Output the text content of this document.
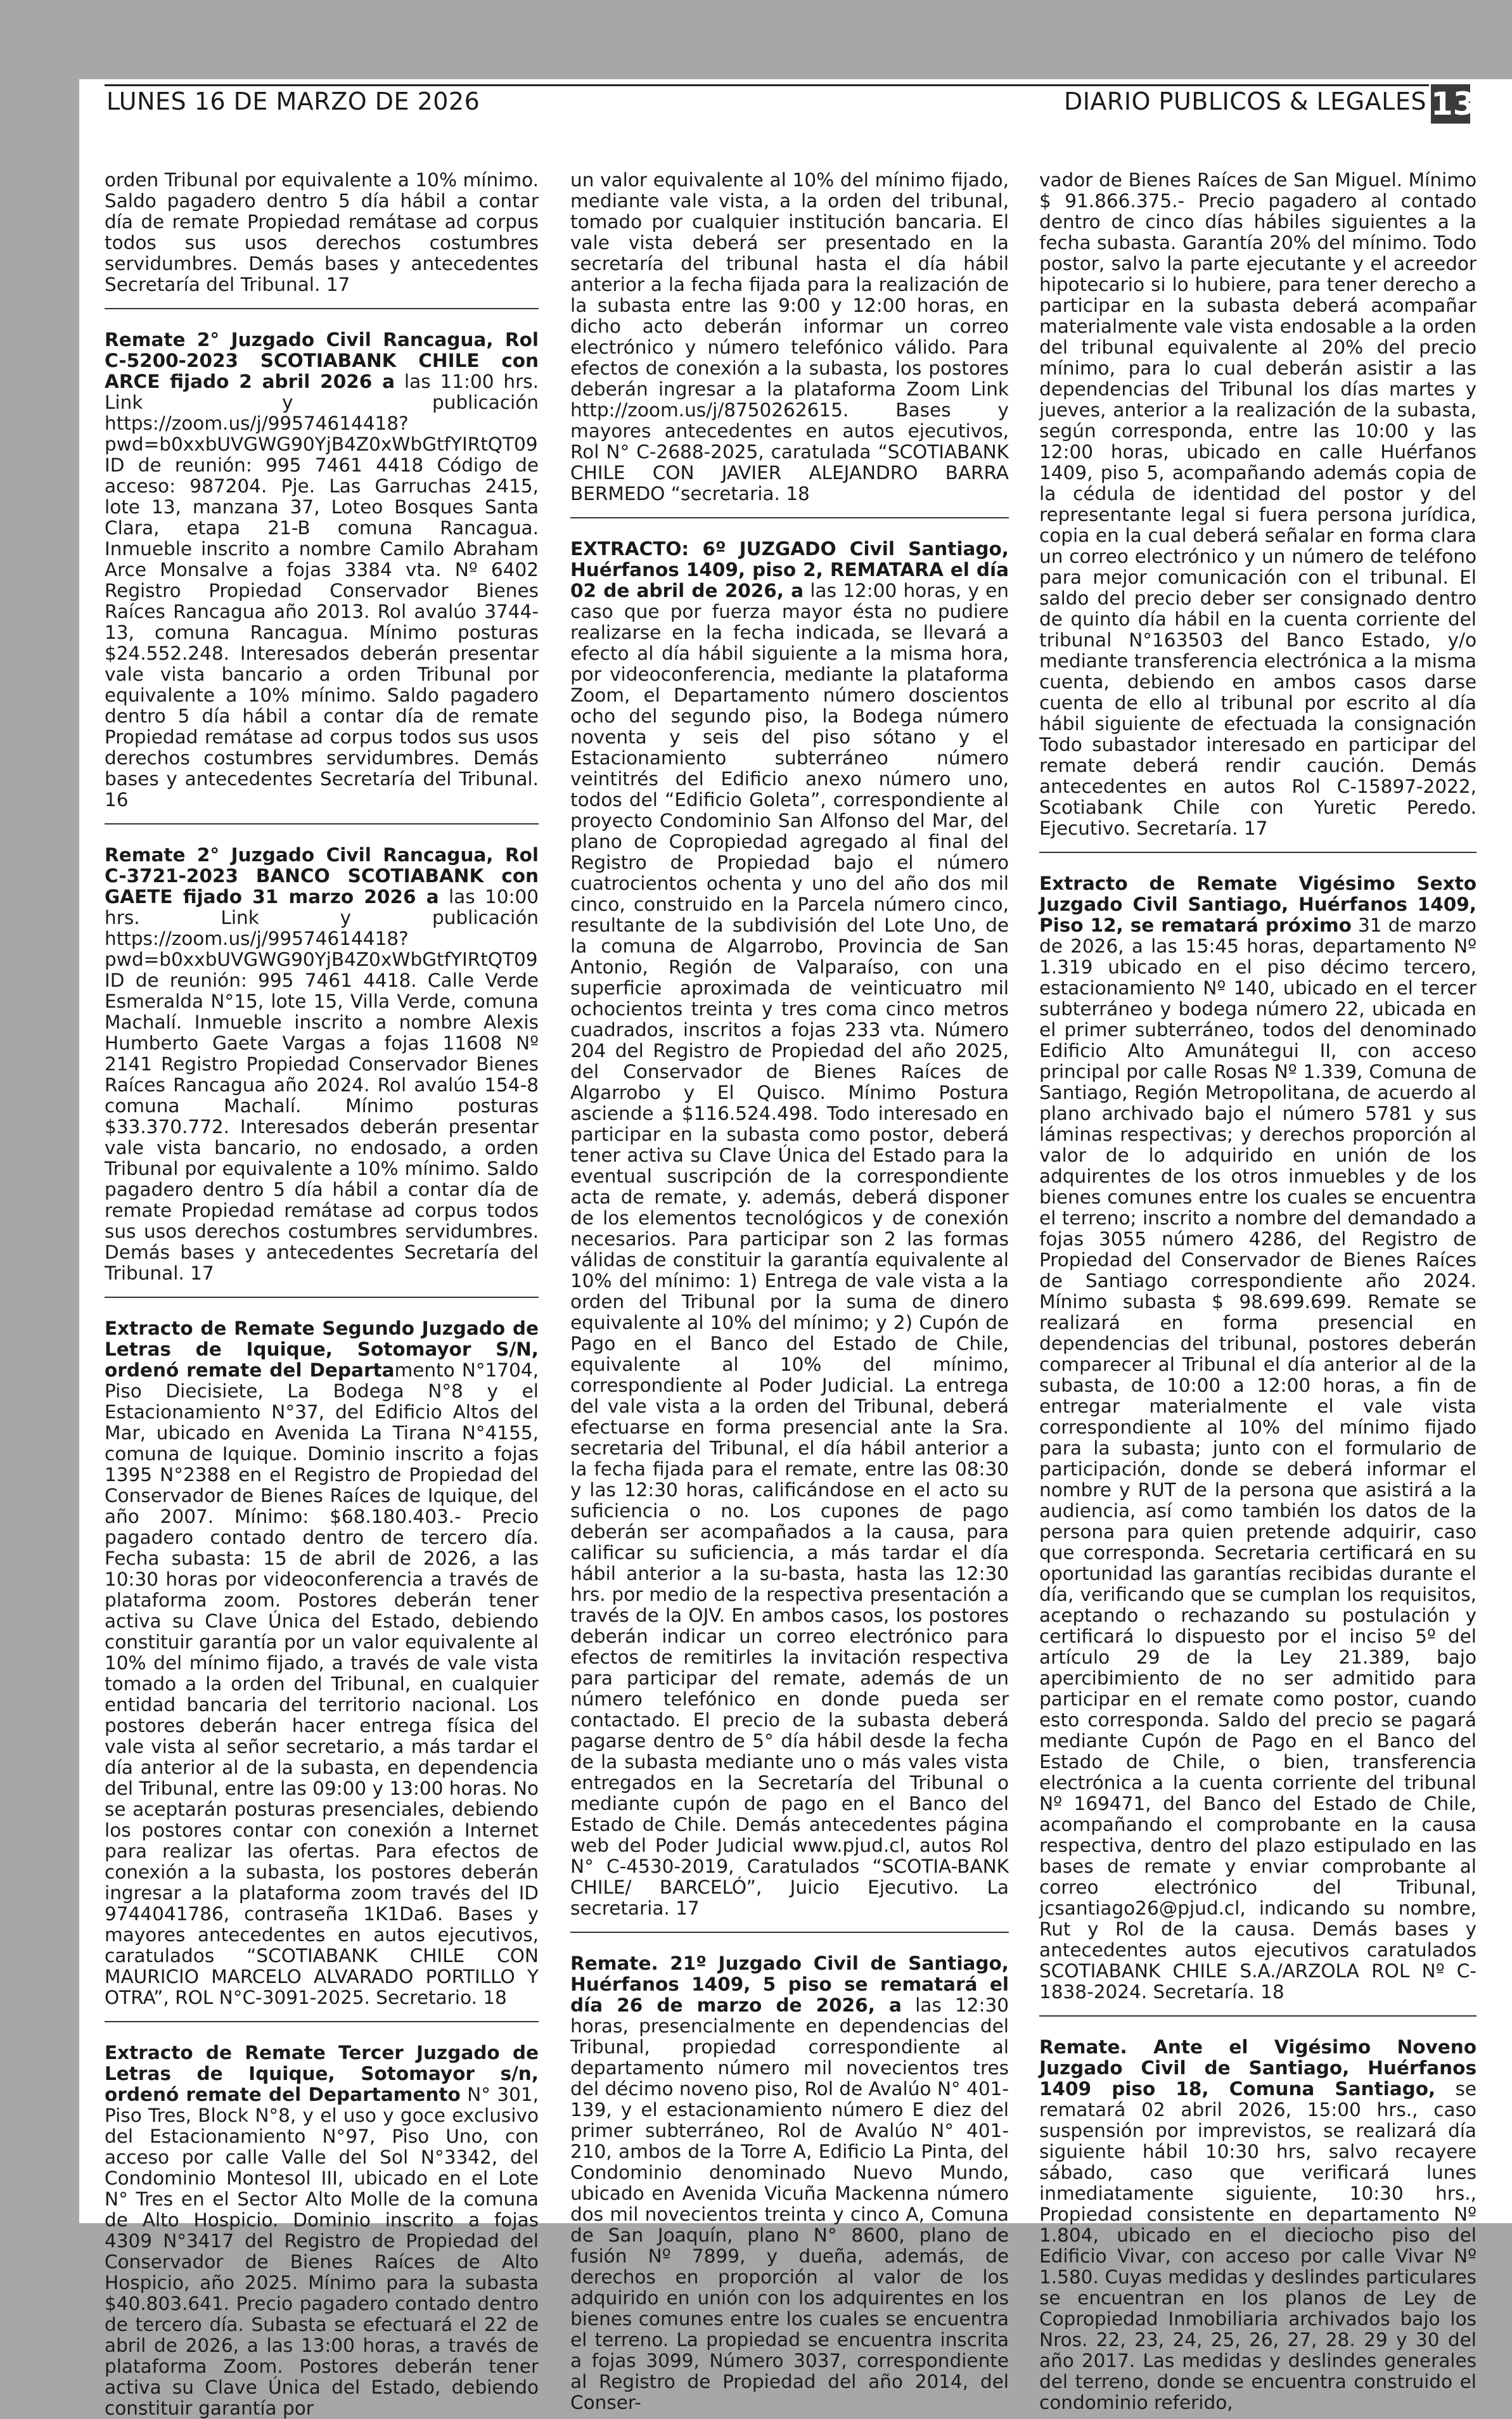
LUNES 16 DE MARZO DE 2026	DIARIO PUBLICOS & LEGALES 13

orden Tribunal por equivalente a 10% mínimo. Saldo pagadero dentro 5 día hábil a contar día de remate Propiedad remátase ad corpus todos sus usos derechos costumbres servidumbres. Demás bases y antecedentes Secretaría del Tribunal. 17

Remate 2° Juzgado Civil Rancagua, Rol C-5200-2023 SCOTIABANK CHILE con ARCE fijado 2 abril 2026 a las 11:00 hrs. Link y publicación https://zoom.us/j/99574614418?pwd=b0xxbUVGWG90YjB4Z0xWbGtfYIRtQT09 ID de reunión: 995 7461 4418 Código de acceso: 987204. Pje. Las Garruchas 2415, lote 13, manzana 37, Loteo Bosques Santa Clara, etapa 21-B comuna Rancagua. Inmueble inscrito a nombre Camilo Abraham Arce Monsalve a fojas 3384 vta. Nº 6402 Registro Propiedad Conservador Bienes Raíces Rancagua año 2013. Rol avalúo 3744-13, comuna Rancagua. Mínimo posturas $24.552.248. Interesados deberán presentar vale vista bancario a orden Tribunal por equivalente a 10% mínimo. Saldo pagadero dentro 5 día hábil a contar día de remate Propiedad remátase ad corpus todos sus usos derechos costumbres servidumbres. Demás bases y antecedentes Secretaría del Tribunal. 16

Remate 2° Juzgado Civil Rancagua, Rol C-3721-2023 BANCO SCOTIABANK con GAETE fijado 31 marzo 2026 a las 10:00 hrs. Link y publicación https://zoom.us/j/99574614418?pwd=b0xxbUVGWG90YjB4Z0xWbGtfYIRtQT09 ID de reunión: 995 7461 4418. Calle Verde Esmeralda N°15, lote 15, Villa Verde, comuna Machalí. Inmueble inscrito a nombre Alexis Humberto Gaete Vargas a fojas 11608 Nº 2141 Registro Propiedad Conservador Bienes Raíces Rancagua año 2024. Rol avalúo 154-8 comuna Machalí. Mínimo posturas $33.370.772. Interesados deberán presentar vale vista bancario, no endosado, a orden Tribunal por equivalente a 10% mínimo. Saldo pagadero dentro 5 día hábil a contar día de remate Propiedad remátase ad corpus todos sus usos derechos costumbres servidumbres. Demás bases y antecedentes Secretaría del Tribunal. 17

Extracto de Remate Segundo Juzgado de Letras de Iquique, Sotomayor S/N, ordenó remate del Departamento N°1704, Piso Diecisiete, La Bodega N°8 y el Estacionamiento N°37, del Edificio Altos del Mar, ubicado en Avenida La Tirana N°4155, comuna de Iquique. Dominio inscrito a fojas 1395 N°2388 en el Registro de Propiedad del Conservador de Bienes Raíces de Iquique, del año 2007. Mínimo: $68.180.403.- Precio pagadero contado dentro de tercero día. Fecha subasta: 15 de abril de 2026, a las 10:30 horas por videoconferencia a través de plataforma zoom. Postores deberán tener activa su Clave Única del Estado, debiendo constituir garantía por un valor equivalente al 10% del mínimo fijado, a través de vale vista tomado a la orden del Tribunal, en cualquier entidad bancaria del territorio nacional. Los postores deberán hacer entrega física del vale vista al señor secretario, a más tardar el día anterior al de la subasta, en dependencia del Tribunal, entre las 09:00 y 13:00 horas. No se aceptarán posturas presenciales, debiendo los postores contar con conexión a Internet para realizar las ofertas. Para efectos de conexión a la subasta, los postores deberán ingresar a la plataforma zoom través del ID 9744041786, contraseña 1K1Da6. Bases y mayores antecedentes en autos ejecutivos, caratulados “SCOTIABANK CHILE CON MAURICIO MARCELO ALVARADO PORTILLO Y OTRA”, ROL N°C-3091-2025. Secretario. 18

Extracto de Remate Tercer Juzgado de Letras de Iquique, Sotomayor s/n, ordenó remate del Departamento N° 301, Piso Tres, Block N°8, y el uso y goce exclusivo del Estacionamiento N°97, Piso Uno, con acceso por calle Valle del Sol N°3342, del Condominio Montesol III, ubicado en el Lote N° Tres en el Sector Alto Molle de la comuna de Alto Hospicio. Dominio inscrito a fojas 4309 N°3417 del Registro de Propiedad del Conservador de Bienes Raíces de Alto Hospicio, año 2025. Mínimo para la subasta $40.803.641. Precio pagadero contado dentro de tercero día. Subasta se efectuará el 22 de abril de 2026, a las 13:00 horas, a través de plataforma Zoom. Postores deberán tener activa su Clave Única del Estado, debiendo constituir garantía por

un valor equivalente al 10% del mínimo fijado, mediante vale vista, a la orden del tribunal, tomado por cualquier institución bancaria. El vale vista deberá ser presentado en la secretaría del tribunal hasta el día hábil anterior a la fecha fijada para la realización de la subasta entre las 9:00 y 12:00 horas, en dicho acto deberán informar un correo electrónico y número telefónico válido. Para efectos de conexión a la subasta, los postores deberán ingresar a la plataforma Zoom Link http://zoom.us/j/8750262615. Bases y mayores antecedentes en autos ejecutivos, Rol N° C-2688-2025, caratulada “SCOTIABANK CHILE CON JAVIER ALEJANDRO BARRA BERMEDO “secretaria. 18

EXTRACTO: 6º JUZGADO Civil Santiago, Huérfanos 1409, piso 2, REMATARA el día 02 de abril de 2026, a las 12:00 horas, y en caso que por fuerza mayor ésta no pudiere realizarse en la fecha indicada, se llevará a efecto al día hábil siguiente a la misma hora, por videoconferencia, mediante la plataforma Zoom, el Departamento número doscientos ocho del segundo piso, la Bodega número noventa y seis del piso sótano y el Estacionamiento subterráneo número veintitrés del Edificio anexo número uno, todos del “Edificio Goleta”, correspondiente al proyecto Condominio San Alfonso del Mar, del plano de Copropiedad agregado al final del Registro de Propiedad bajo el número cuatrocientos ochenta y uno del año dos mil cinco, construido en la Parcela número cinco, resultante de la subdivisión del Lote Uno, de la comuna de Algarrobo, Provincia de San Antonio, Región de Valparaíso, con una superficie aproximada de veinticuatro mil ochocientos treinta y tres coma cinco metros cuadrados, inscritos a fojas 233 vta. Número 204 del Registro de Propiedad del año 2025, del Conservador de Bienes Raíces de Algarrobo y El Quisco. Mínimo Postura asciende a $116.524.498. Todo interesado en participar en la subasta como postor, deberá tener activa su Clave Única del Estado para la eventual suscripción de la correspondiente acta de remate, y. además, deberá disponer de los elementos tecnológicos y de conexión necesarios. Para participar son 2 las formas válidas de constituir la garantía equivalente al 10% del mínimo: 1) Entrega de vale vista a la orden del Tribunal por la suma de dinero equivalente al 10% del mínimo; y 2) Cupón de Pago en el Banco del Estado de Chile, equivalente al 10% del mínimo, correspondiente al Poder Judicial. La entrega del vale vista a la orden del Tribunal, deberá efectuarse en forma presencial ante la Sra. secretaria del Tribunal, el día hábil anterior a la fecha fijada para el remate, entre las 08:30 y las 12:30 horas, calificándose en el acto su suficiencia o no. Los cupones de pago deberán ser acompañados a la causa, para calificar su suficiencia, a más tardar el día hábil anterior a la su-basta, hasta las 12:30 hrs. por medio de la respectiva presentación a través de la OJV. En ambos casos, los postores deberán indicar un correo electrónico para efectos de remitirles la invitación respectiva para participar del remate, además de un número telefónico en donde pueda ser contactado. El precio de la subasta deberá pagarse dentro de 5° día hábil desde la fecha de la subasta mediante uno o más vales vista entregados en la Secretaría del Tribunal o mediante cupón de pago en el Banco del Estado de Chile. Demás antecedentes página web del Poder Judicial www.pjud.cl, autos Rol N° C-4530-2019, Caratulados “SCOTIA-BANK CHILE/ BARCELÓ”, Juicio Ejecutivo. La secretaria. 17

Remate. 21º Juzgado Civil de Santiago, Huérfanos 1409, 5 piso se rematará el día 26 de marzo de 2026, a las 12:30 horas, presencialmente en dependencias del Tribunal, propiedad correspondiente al departamento número mil novecientos tres del décimo noveno piso, Rol de Avalúo N° 401-139, y el estacionamiento número E diez del primer subterráneo, Rol de Avalúo N° 401-210, ambos de la Torre A, Edificio La Pinta, del Condominio denominado Nuevo Mundo, ubicado en Avenida Vicuña Mackenna número dos mil novecientos treinta y cinco A, Comuna de San Joaquín, plano N° 8600, plano de fusión Nº 7899, y dueña, además, de derechos en proporción al valor de los adquirido en unión con los adquirentes en los bienes comunes entre los cuales se encuentra el terreno. La propiedad se encuentra inscrita a fojas 3099, Número 3037, correspondiente al Registro de Propiedad del año 2014, del Conser-

vador de Bienes Raíces de San Miguel. Mínimo $ 91.866.375.- Precio pagadero al contado dentro de cinco días hábiles siguientes a la fecha subasta. Garantía 20% del mínimo. Todo postor, salvo la parte ejecutante y el acreedor hipotecario si lo hubiere, para tener derecho a participar en la subasta deberá acompañar materialmente vale vista endosable a la orden del tribunal equivalente al 20% del precio mínimo, para lo cual deberán asistir a las dependencias del Tribunal los días martes y jueves, anterior a la realización de la subasta, según corresponda, entre las 10:00 y las 12:00 horas, ubicado en calle Huérfanos 1409, piso 5, acompañando además copia de la cédula de identidad del postor y del representante legal si fuera persona jurídica, copia en la cual deberá señalar en forma clara un correo electrónico y un número de teléfono para mejor comunicación con el tribunal. El saldo del precio deber ser consignado dentro de quinto día hábil en la cuenta corriente del tribunal N°163503 del Banco Estado, y/o mediante transferencia electrónica a la misma cuenta, debiendo en ambos casos darse cuenta de ello al tribunal por escrito al día hábil siguiente de efectuada la consignación Todo subastador interesado en participar del remate deberá rendir caución. Demás antecedentes en autos Rol C-15897-2022, Scotiabank Chile con Yuretic Peredo. Ejecutivo. Secretaría. 17

Extracto de Remate Vigésimo Sexto Juzgado Civil Santiago, Huérfanos 1409, Piso 12, se rematará próximo 31 de marzo de 2026, a las 15:45 horas, departamento Nº 1.319 ubicado en el piso décimo tercero, estacionamiento Nº 140, ubicado en el tercer subterráneo y bodega número 22, ubicada en el primer subterráneo, todos del denominado Edificio Alto Amunátegui II, con acceso principal por calle Rosas Nº 1.339, Comuna de Santiago, Región Metropolitana, de acuerdo al plano archivado bajo el número 5781 y sus láminas respectivas; y derechos proporción al valor de lo adquirido en unión de los adquirentes de los otros inmuebles y de los bienes comunes entre los cuales se encuentra el terreno; inscrito a nombre del demandado a fojas 3055 número 4286, del Registro de Propiedad del Conservador de Bienes Raíces de Santiago correspondiente año 2024. Mínimo subasta $ 98.699.699. Remate se realizará en forma presencial en dependencias del tribunal, postores deberán comparecer al Tribunal el día anterior al de la subasta, de 10:00 a 12:00 horas, a fin de entregar materialmente el vale vista correspondiente al 10% del mínimo fijado para la subasta; junto con el formulario de participación, donde se deberá informar el nombre y RUT de la persona que asistirá a la audiencia, así como también los datos de la persona para quien pretende adquirir, caso que corresponda. Secretaria certificará en su oportunidad las garantías recibidas durante el día, verificando que se cumplan los requisitos, aceptando o rechazando su postulación y certificará lo dispuesto por el inciso 5º del artículo 29 de la Ley 21.389, bajo apercibimiento de no ser admitido para participar en el remate como postor, cuando esto corresponda. Saldo del precio se pagará mediante Cupón de Pago en el Banco del Estado de Chile, o bien, transferencia electrónica a la cuenta corriente del tribunal Nº 169471, del Banco del Estado de Chile, acompañando el comprobante en la causa respectiva, dentro del plazo estipulado en las bases de remate y enviar comprobante al correo electrónico del Tribunal, jcsantiago26@pjud.cl, indicando su nombre, Rut y Rol de la causa. Demás bases y antecedentes autos ejecutivos caratulados SCOTIABANK CHILE S.A./ARZOLA ROL Nº C-1838-2024. Secretaría. 18

Remate. Ante el Vigésimo Noveno Juzgado Civil de Santiago, Huérfanos 1409 piso 18, Comuna Santiago, se rematará 02 abril 2026, 15:00 hrs., caso suspensión por imprevistos, se realizará día siguiente hábil 10:30 hrs, salvo recayere sábado, caso que verificará lunes inmediatamente siguiente, 10:30 hrs., Propiedad consistente en departamento Nº 1.804, ubicado en el dieciocho piso del Edificio Vivar, con acceso por calle Vivar Nº 1.580. Cuyas medidas y deslindes particulares se encuentran en los planos de Ley de Copropiedad Inmobiliaria archivados bajo los Nros. 22, 23, 24, 25, 26, 27, 28. 29 y 30 del año 2017. Las medidas y deslindes generales del terreno, donde se encuentra construido el condominio referido,
